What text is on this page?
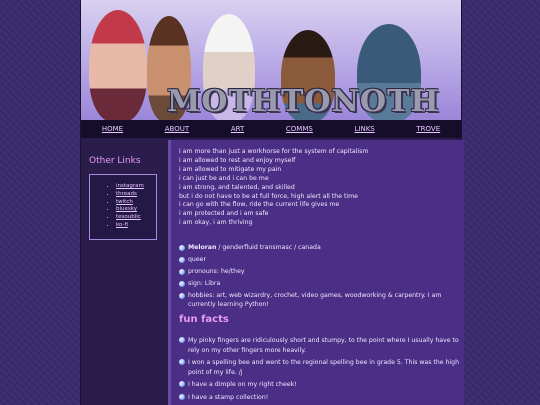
MOTHTONOTH
HOME	ABOUT	ART	COMMS	LINKS	TROVE
Other Links
• instagram
• threads
• twitch
• bluesky
• tesoublic
• ko-fi
i am more than just a workhorse for the system of capitalism
i am allowed to rest and enjoy myself
i am allowed to mitigate my pain
i can just be and i can be me
i am strong, and talented, and skilled
but i do not have to be at full force, high alert all the time
i can go with the flow, ride the current life gives me
i am protected and i am safe
i am okay, i am thriving
Meloran / genderfluid transmasc / canada
queer
pronouns: he/they
sign: Libra
hobbies: art, web wizardry, crochet, video games, woodworking & carpentry. I am currently learning Python!
fun facts
My pinky fingers are ridiculously short and stumpy, to the point where I usually have to rely on my other fingers more heavily.
I won a spelling bee and went to the regional spelling bee in grade 5. This was the high point of my life. /j
I have a dimple on my right cheek!
I have a stamp collection!
